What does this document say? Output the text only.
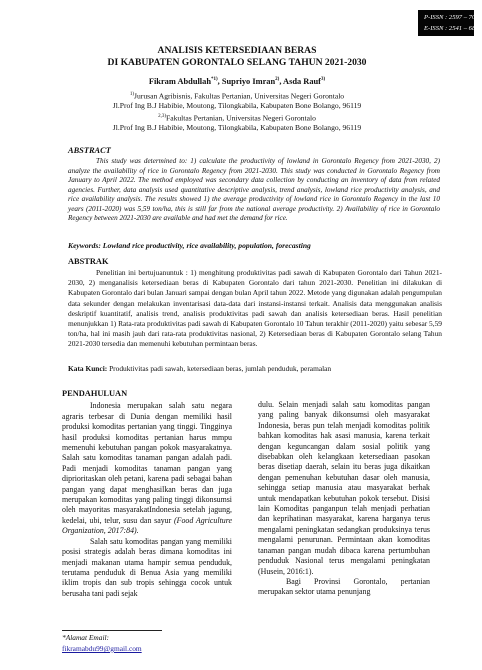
P-ISSN : 2597 – 7075
E-ISSN : 2541 – 6847
ANALISIS KETERSEDIAAN BERAS
DI KABUPATEN GORONTALO SELANG TAHUN 2021-2030
Fikram Abdullah$^{*1)}$, Supriyo Imran$^{2)}$, Asda Rauf$^{3)}$
$^{1)}$Jurusan Agribisnis, Fakultas Pertanian, Universitas Negeri Gorontalo
Jl.Prof Ing B.J Habibie, Moutong, Tilongkabila, Kabupaten Bone Bolango, 96119
$^{2,3)}$Fakultas Pertanian, Universitas Negeri Gorontalo
Jl.Prof Ing B.J Habibie, Moutong, Tilongkabila, Kabupaten Bone Bolango, 96119
ABSTRACT
This study was determined to: 1) calculate the productivity of lowland in Gorontalo Regency from 2021-2030, 2) analyze the availability of rice in Gorontalo Regency from 2021-2030. This study was conducted in Gorontalo Regency from January to April 2022. The method employed was secondary data collection by conducting an inventory of data from related agencies. Further, data analysis used quantitative descriptive analysis, trend analysis, lowland rice productivity analysis, and rice availability analysis. The results showed 1) the average productivity of lowland rice in Gorontalo Regency in the last 10 years (2011-2020) was 5,59 ton/ha, this is still far from the national average productivity. 2) Availability of rice in Gorontalo Regency between 2021-2030 are available and had met the demand for rice.
Keywords: Lowland rice productivity, rice availability, population, forecasting
ABSTRAK
Penelitian ini bertujuanuntuk : 1) menghitung produktivitas padi sawah di Kabupaten Gorontalo dari Tahun 2021-2030, 2) menganalisis ketersediaan beras di Kabupaten Gorontalo dari tahun 2021-2030. Penelitian ini dilakukan di Kabupaten Gorontalo dari bulan Januari sampai dengan bulan April tahun 2022. Metode yang digunakan adalah pengumpulan data sekunder dengan melakukan inventarisasi data-data dari instansi-instansi terkait. Analisis data menggunakan analisis deskriptif kuantitatif, analisis trend, analisis produktivitas padi sawah dan analisis ketersediaan beras. Hasil penelitian menunjukkan 1) Rata-rata produktivitas padi sawah di Kabupaten Gorontalo 10 Tahun terakhir (2011-2020) yaitu sebesar 5,59 ton/ha, hal ini masih jauh dari rata-rata produktivitas nasional, 2) Ketersediaan beras di Kabupaten Gorontalo selang Tahun 2021-2030 tersedia dan memenuhi kebutuhan permintaan beras.
Kata Kunci: Produktivitas padi sawah, ketersediaan beras, jumlah penduduk, peramalan
PENDAHULUAN

Indonesia merupakan salah satu negara agraris terbesar di Dunia dengan memiliki hasil produksi komoditas pertanian yang tinggi. Tingginya hasil produksi komoditas pertanian harus mmpu memenuhi kebutuhan pangan pokok masyarakatnya. Salah satu komoditas tanaman pangan adalah padi. Padi menjadi komoditas tanaman pangan yang diprioritaskan oleh petani, karena padi sebagai bahan pangan yang dapat menghasilkan beras dan juga merupakan komoditas yang paling tinggi dikonsumsi oleh mayoritas masyarakatIndonesia setelah jagung, kedelai, ubi, telur, susu dan sayur (Food Agriculture Organization, 2017:84).

Salah satu komoditas pangan yang memiliki posisi strategis adalah beras dimana komoditas ini menjadi makanan utama hampir semua penduduk, terutama penduduk di Benua Asia yang memiliki iklim tropis dan sub tropis sehingga cocok untuk berusaha tani padi sejak

dulu. Selain menjadi salah satu komoditas pangan yang paling banyak dikonsumsi oleh masyarakat Indonesia, beras pun telah menjadi komoditas politik bahkan komoditas hak asasi manusia, karena terkait dengan keguncangan dalam sosial politik yang disebabkan oleh kelangkaan ketersediaan pasokan beras disetiap daerah, selain itu beras juga dikaitkan dengan pemenuhan kebutuhan dasar oleh manusia, sehingga setiap manusia atau masyarakat berhak untuk mendapatkan kebutuhan pokok tersebut. Disisi lain Komoditas panganpun telah menjadi perhatian dan keprihatinan masyarakat, karena harganya terus mengalami peningkatan sedangkan produksinya terus mengalami penurunan. Permintaan akan komoditas tanaman pangan mudah dibaca karena pertumbuhan penduduk Nasional terus mengalami peningkatan (Husein, 2016:1).

Bagi Provinsi Gorontalo, pertanian merupakan sektor utama penunjang

*Alamat Email:
fikramabdu99@gmail.com
